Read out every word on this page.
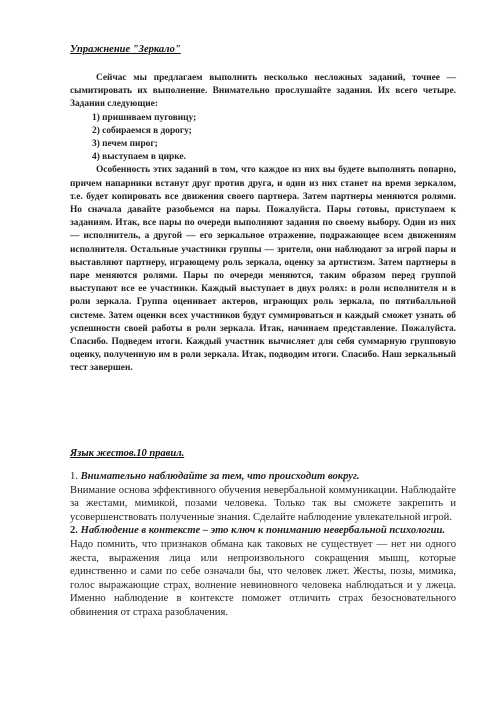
Упражнение "Зеркало"

Сейчас мы предлагаем выполнить несколько несложных заданий, точнее — сымитировать их выполнение. Внимательно прослушайте задания. Их всего четыре. Задания следующие:

1) пришиваем пуговицу;
2) собираемся в дорогу;
3) печем пирог;
4) выступаем в цирке.

Особенность этих заданий в том, что каждое из них вы будете выполнять попарно, причем напарники встанут друг против друга, и один из них станет на время зеркалом, т.е. будет копировать все движения своего партнера. Затем партнеры меняются ролями. Но сначала давайте разобьемся на пары. Пожалуйста. Пары готовы, приступаем к заданиям. Итак, все пары по очереди выполняют задания по своему выбору. Один из них — исполнитель, а другой — его зеркальное отражение, подражающее всем движениям исполнителя. Остальные участники группы — зрители, они наблюдают за игрой пары и выставляют партнеру, играющему роль зеркала, оценку за артистизм. Затем партнеры в паре меняются ролями. Пары по очереди меняются, таким образом перед группой выступают все ее участники. Каждый выступает в двух ролях: в роли исполнителя и в роли зеркала. Группа оценивает актеров, играющих роль зеркала, по пятибалльной системе. Затем оценки всех участников будут суммироваться и каждый сможет узнать об успешности своей работы в роли зеркала. Итак, начинаем представление. Пожалуйста. Спасибо. Подведем итоги. Каждый участник вычисляет для себя суммарную групповую оценку, полученную им в роли зеркала. Итак, подводим итоги. Спасибо. Наш зеркальный тест завершен.

Язык жестов.10 правил.

1. Внимательно наблюдайте за тем, что происходит вокруг.

Внимание основа эффективного обучения невербальной коммуникации. Наблюдайте за жестами, мимикой, позами человека. Только так вы сможете закрепить и усовершенствовать полученные знания. Сделайте наблюдение увлекательной игрой.

2. Наблюдение в контексте – это ключ к пониманию невербальной психологии.

Надо помнить, что признаков обмана как таковых не существует — нет ни одного жеста, выражения лица или непроизвольного сокращения мышц, которые единственно и сами по себе означали бы, что человек лжет. Жесты, позы, мимика, голос выражающие страх, волнение невиновного человека наблюдаться и у лжеца. Именно наблюдение в контексте поможет отличить страх безосновательного обвинения от страха разоблачения.
